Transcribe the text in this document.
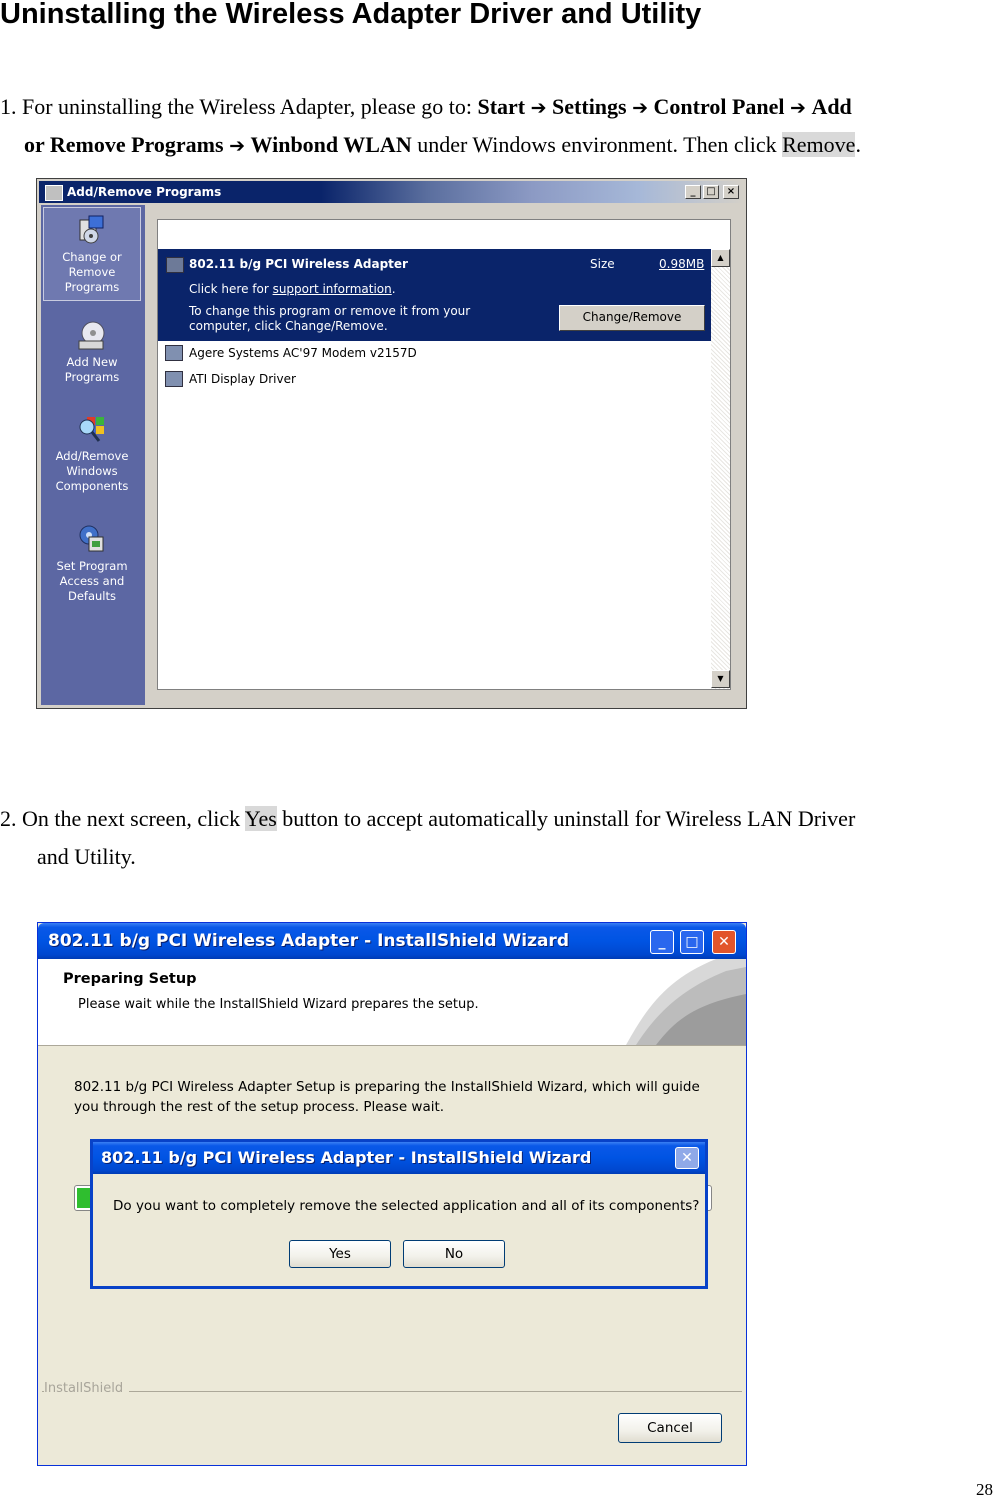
Uninstalling the Wireless Adapter Driver and Utility
1. For uninstalling the Wireless Adapter, please go to: Start ➔ Settings ➔ Control Panel ➔ Add
or Remove Programs ➔ Winbond WLAN under Windows environment. Then click Remove.
Add/Remove Programs	_	□	×
Change or Remove Programs
Add New Programs
Add/Remove Windows Components
Set Program Access and Defaults
802.11 b/g PCI Wireless Adapter	Size	0.98MB
Click here for support information.
To change this program or remove it from your
computer, click Change/Remove.
Change/Remove
Agere Systems AC'97 Modem v2157D
ATI Display Driver
▲
▼
2. On the next screen, click Yes button to accept automatically uninstall for Wireless LAN Driver
and Utility.
802.11 b/g PCI Wireless Adapter - InstallShield Wizard	_	□	✕
Preparing Setup
Please wait while the InstallShield Wizard prepares the setup.
802.11 b/g PCI Wireless Adapter Setup is preparing the InstallShield Wizard, which will guide
you through the rest of the setup process. Please wait.
InstallShield
Cancel
802.11 b/g PCI Wireless Adapter - InstallShield Wizard	✕
Do you want to completely remove the selected application and all of its components?
Yes	No
28
